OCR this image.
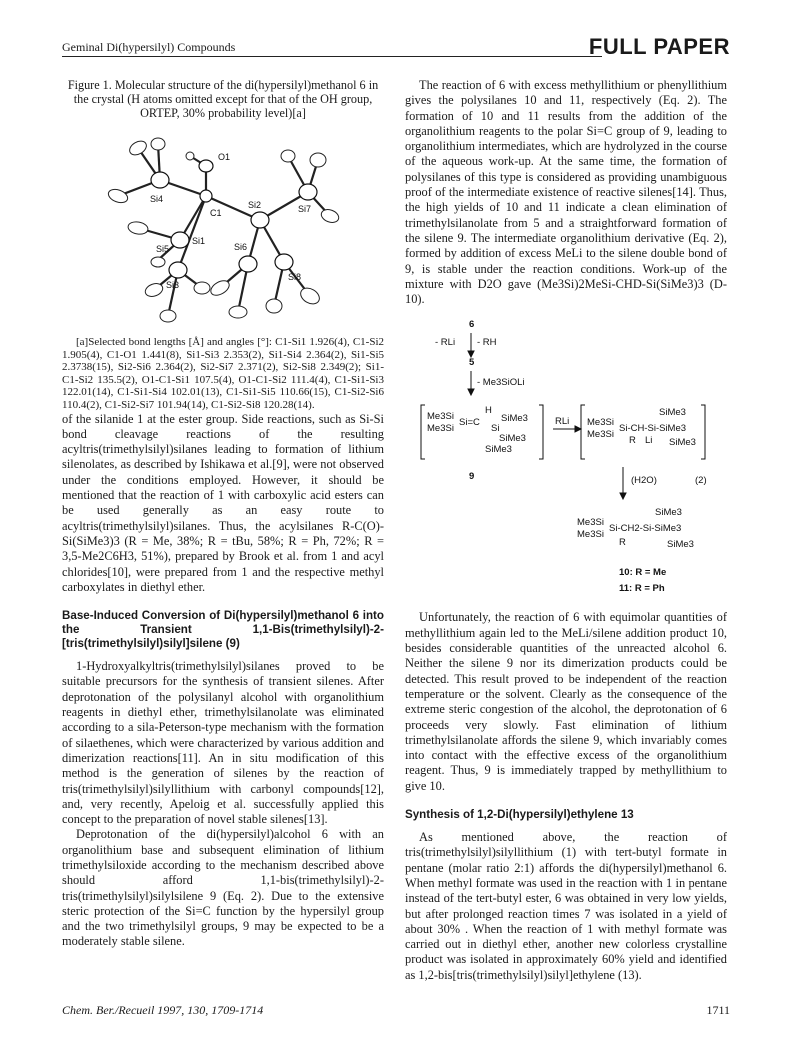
Geminal Di(hypersilyl) Compounds	FULL PAPER

Figure 1. Molecular structure of the di(hypersilyl)methanol 6 in the crystal (H atoms omitted except for that of the OH group, ORTEP, 30% probability level)[a]

O1
Si4
Si7
Si2
C1
Si5
Si1
Si6
Si3
Si8

[a]Selected bond lengths [Å] and angles [°]: C1-Si1 1.926(4), C1-Si2 1.905(4), C1-O1 1.441(8), Si1-Si3 2.353(2), Si1-Si4 2.364(2), Si1-Si5 2.3738(15), Si2-Si6 2.364(2), Si2-Si7 2.371(2), Si2-Si8 2.349(2); Si1-C1-Si2 135.5(2), O1-C1-Si1 107.5(4), O1-C1-Si2 111.4(4), C1-Si1-Si3 122.01(14), C1-Si1-Si4 102.01(13), C1-Si1-Si5 110.66(15), C1-Si2-Si6 110.4(2), C1-Si2-Si7 101.94(14), C1-Si2-Si8 120.28(14).

of the silanide 1 at the ester group. Side reactions, such as Si-Si bond cleavage reactions of the resulting acyltris(trimethylsilyl)silanes leading to formation of lithium silenolates, as described by Ishikawa et al.[9], were not observed under the conditions employed. However, it should be mentioned that the reaction of 1 with carboxylic acid esters can be used generally as an easy route to acyltris(trimethylsilyl)silanes. Thus, the acylsilanes R-C(O)-Si(SiMe3)3 (R = Me, 38%; R = tBu, 58%; R = Ph, 72%; R = 3,5-Me2C6H3, 51%), prepared by Brook et al. from 1 and acyl chlorides[10], were prepared from 1 and the respective methyl carboxylates in diethyl ether.

Base-Induced Conversion of Di(hypersilyl)methanol 6 into the Transient 1,1-Bis(trimethylsilyl)-2-[tris(trimethylsilyl)silyl]silene (9)

1-Hydroxyalkyltris(trimethylsilyl)silanes proved to be suitable precursors for the synthesis of transient silenes. After deprotonation of the polysilanyl alcohol with organolithium reagents in diethyl ether, trimethylsilanolate was eliminated according to a sila-Peterson-type mechanism with the formation of silaethenes, which were characterized by various addition and dimerization reactions[11]. An in situ modification of this method is the generation of silenes by the reaction of tris(trimethylsilyl)silyllithium with carbonyl compounds[12], and, very recently, Apeloig et al. successfully applied this concept to the preparation of novel stable silenes[13].

Deprotonation of the di(hypersilyl)alcohol 6 with an organolithium base and subsequent elimination of lithium trimethylsiloxide according to the mechanism described above should afford 1,1-bis(trimethylsilyl)-2-tris(trimethylsilyl)silylsilene 9 (Eq. 2). Due to the extensive steric protection of the Si=C function by the hypersilyl group and the two trimethylsilyl groups, 9 may be expected to be a moderately stable silene.

The reaction of 6 with excess methyllithium or phenyllithium gives the polysilanes 10 and 11, respectively (Eq. 2). The formation of 10 and 11 results from the addition of the organolithium reagents to the polar Si=C group of 9, leading to organolithium intermediates, which are hydrolyzed in the course of the aqueous work-up. At the same time, the formation of polysilanes of this type is considered as providing unambiguous proof of the intermediate existence of reactive silenes[14]. Thus, the high yields of 10 and 11 indicate a clean elimination of trimethylsilanolate from 5 and a straightforward formation of the silene 9. The intermediate organolithium derivative (Eq. 2), formed by addition of excess MeLi to the silene double bond of 9, is stable under the reaction conditions. Work-up of the mixture with D2O gave (Me3Si)2MeSi-CHD-Si(SiMe3)3 (D-10).

6
- RLi - RH
5
- Me3SiOLi
Me3Si
Me3Si
Si=C
H
Si
SiMe3
SiMe3
SiMe3
RLi Me3Si
Me3Si
Si-CH-Si-SiMe3
R Li
SiMe3
SiMe3
9	(H2O)	(2)
Me3Si
Me3Si
Si-CH2-Si-SiMe3
R
SiMe3
SiMe3
10: R = Me
11: R = Ph

Unfortunately, the reaction of 6 with equimolar quantities of methyllithium again led to the MeLi/silene addition product 10, besides considerable quantities of the unreacted alcohol 6. Neither the silene 9 nor its dimerization products could be detected. This result proved to be independent of the reaction temperature or the solvent. Clearly as the consequence of the extreme steric congestion of the alcohol, the deprotonation of 6 proceeds very slowly. Fast elimination of lithium trimethylsilanolate affords the silene 9, which invariably comes into contact with the effective excess of the organolithium reagent. Thus, 9 is immediately trapped by methyllithium to give 10.

Synthesis of 1,2-Di(hypersilyl)ethylene 13

As mentioned above, the reaction of tris(trimethylsilyl)silyllithium (1) with tert-butyl formate in pentane (molar ratio 2:1) affords the di(hypersilyl)methanol 6. When methyl formate was used in the reaction with 1 in pentane instead of the tert-butyl ester, 6 was obtained in very low yields, but after prolonged reaction times 7 was isolated in a yield of about 30% . When the reaction of 1 with methyl formate was carried out in diethyl ether, another new colorless crystalline product was isolated in approximately 60% yield and identified as 1,2-bis[tris(trimethylsilyl)silyl]ethylene (13).

Chem. Ber./Recueil 1997, 130, 1709-1714	1711
